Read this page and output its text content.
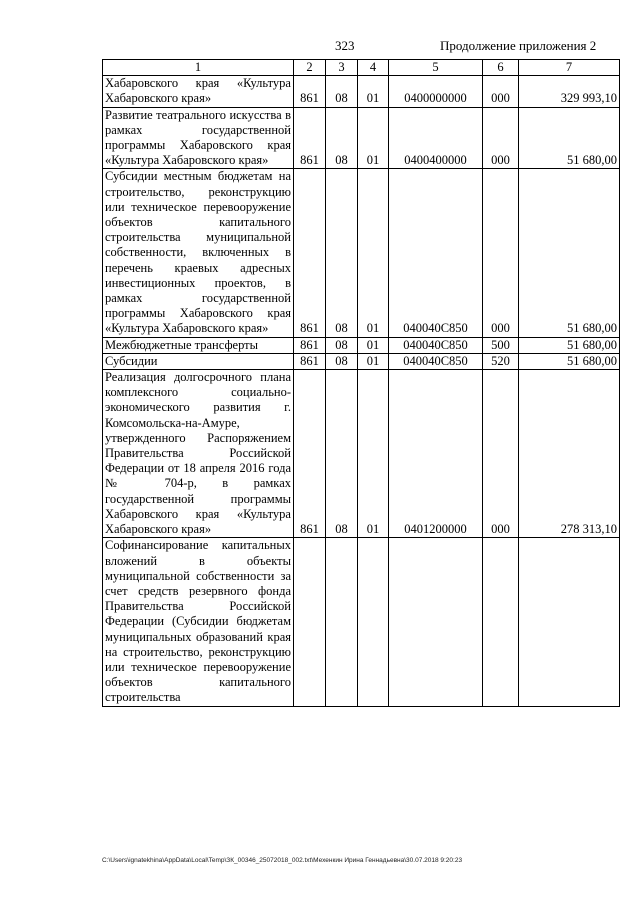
323	Продолжение приложения 2
1	2	3	4	5	6	7
Хабаровского края «Культура Хабаровского края»	861	08	01	0400000000	000	329 993,10
Развитие театрального искусства в рамках государственной программы Хабаровского края «Культура Хабаровского края»	861	08	01	0400400000	000	51 680,00
Субсидии местным бюджетам на строительство, реконструкцию или техническое перевооружение объектов капитального строительства муниципальной собственности, включенных в перечень краевых адресных инвестиционных проектов, в рамках государственной программы Хабаровского края «Культура Хабаровского края»	861	08	01	040040С850	000	51 680,00
Межбюджетные трансферты	861	08	01	040040С850	500	51 680,00
Субсидии	861	08	01	040040С850	520	51 680,00
Реализация долгосрочного плана комплексного социально-экономического развития г. Комсомольска-на-Амуре, утвержденного Распоряжением Правительства Российской Федерации от 18 апреля 2016 года № 704-р, в рамках государственной программы Хабаровского края «Культура Хабаровского края»	861	08	01	0401200000	000	278 313,10
Софинансирование капитальных вложений в объекты муниципальной собственности за счет средств резервного фонда Правительства Российской Федерации (Субсидии бюджетам муниципальных образований края на строительство, реконструкцию или техническое перевооружение объектов капитального строительства						
C:\Users\ignatekhina\AppData\Local\Temp\ЗК_00346_25072018_002.txt\Мехенкин Ирина Геннадьевна\30.07.2018 9:20:23
